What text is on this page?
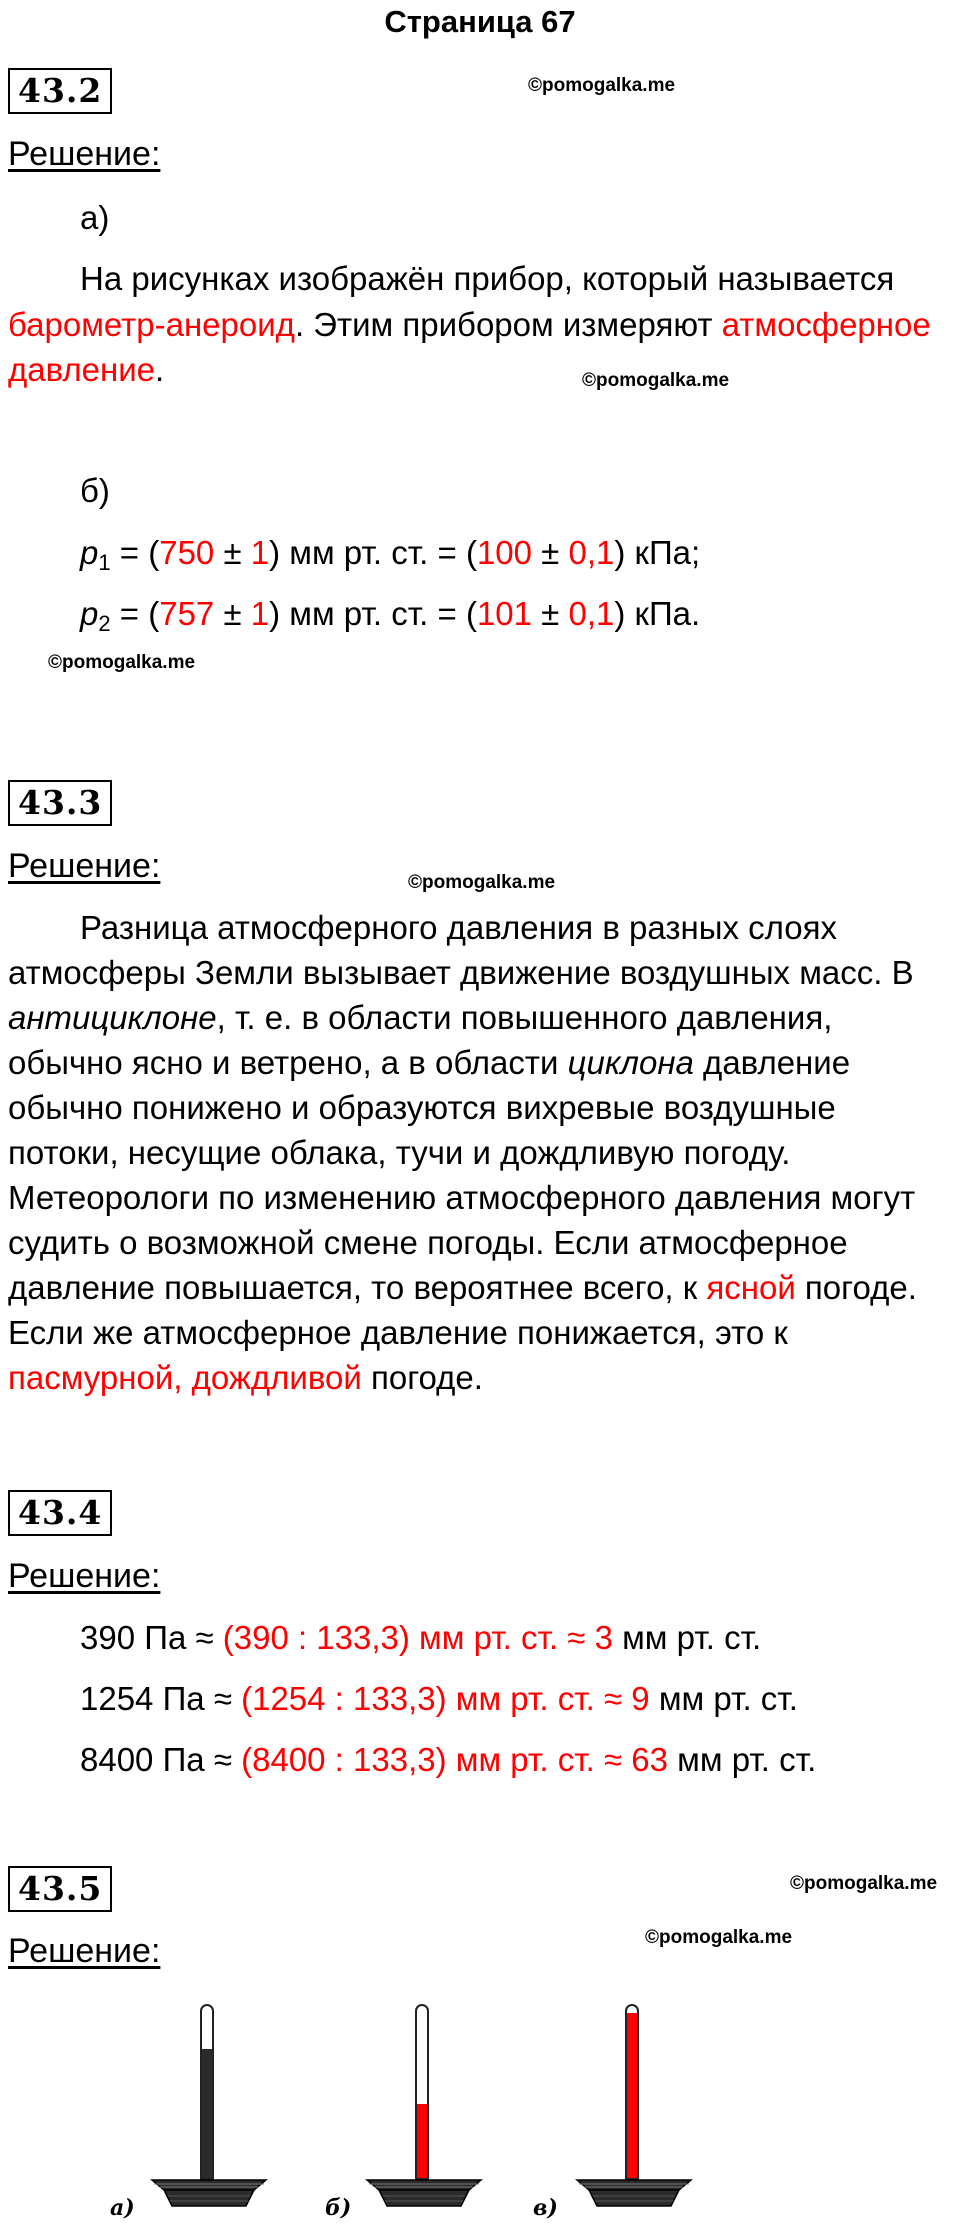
Страница 67
43.2	©pomogalka.me
Решение:
а)
На рисунках изображён прибор, который называется
барометр-анероид. Этим прибором измеряют атмосферное
давление.	©pomogalka.me
б)
$p_1 = (750 \pm 1)$ мм рт. ст. = (100 ± 0,1) кПа;
$p_2 = (757 \pm 1)$ мм рт. ст. = (101 ± 0,1) кПа.
©pomogalka.me
43.3
Решение:	©pomogalka.me
Разница атмосферного давления в разных слоях
атмосферы Земли вызывает движение воздушных масс. В
антициклоне, т. е. в области повышенного давления,
обычно ясно и ветрено, а в области циклона давление
обычно понижено и образуются вихревые воздушные
потоки, несущие облака, тучи и дождливую погоду.
Метеорологи по изменению атмосферного давления могут
судить о возможной смене погоды. Если атмосферное
давление повышается, то вероятнее всего, к ясной погоде.
Если же атмосферное давление понижается, это к
пасмурной, дождливой погоде.
43.4
Решение:
390 Па ≈ (390 : 133,3) мм рт. ст. ≈ 3 мм рт. ст.
1254 Па ≈ (1254 : 133,3) мм рт. ст. ≈ 9 мм рт. ст.
8400 Па ≈ (8400 : 133,3) мм рт. ст. ≈ 63 мм рт. ст.
43.5	©pomogalka.me
Решение:	©pomogalka.me
а)	б)	в)
